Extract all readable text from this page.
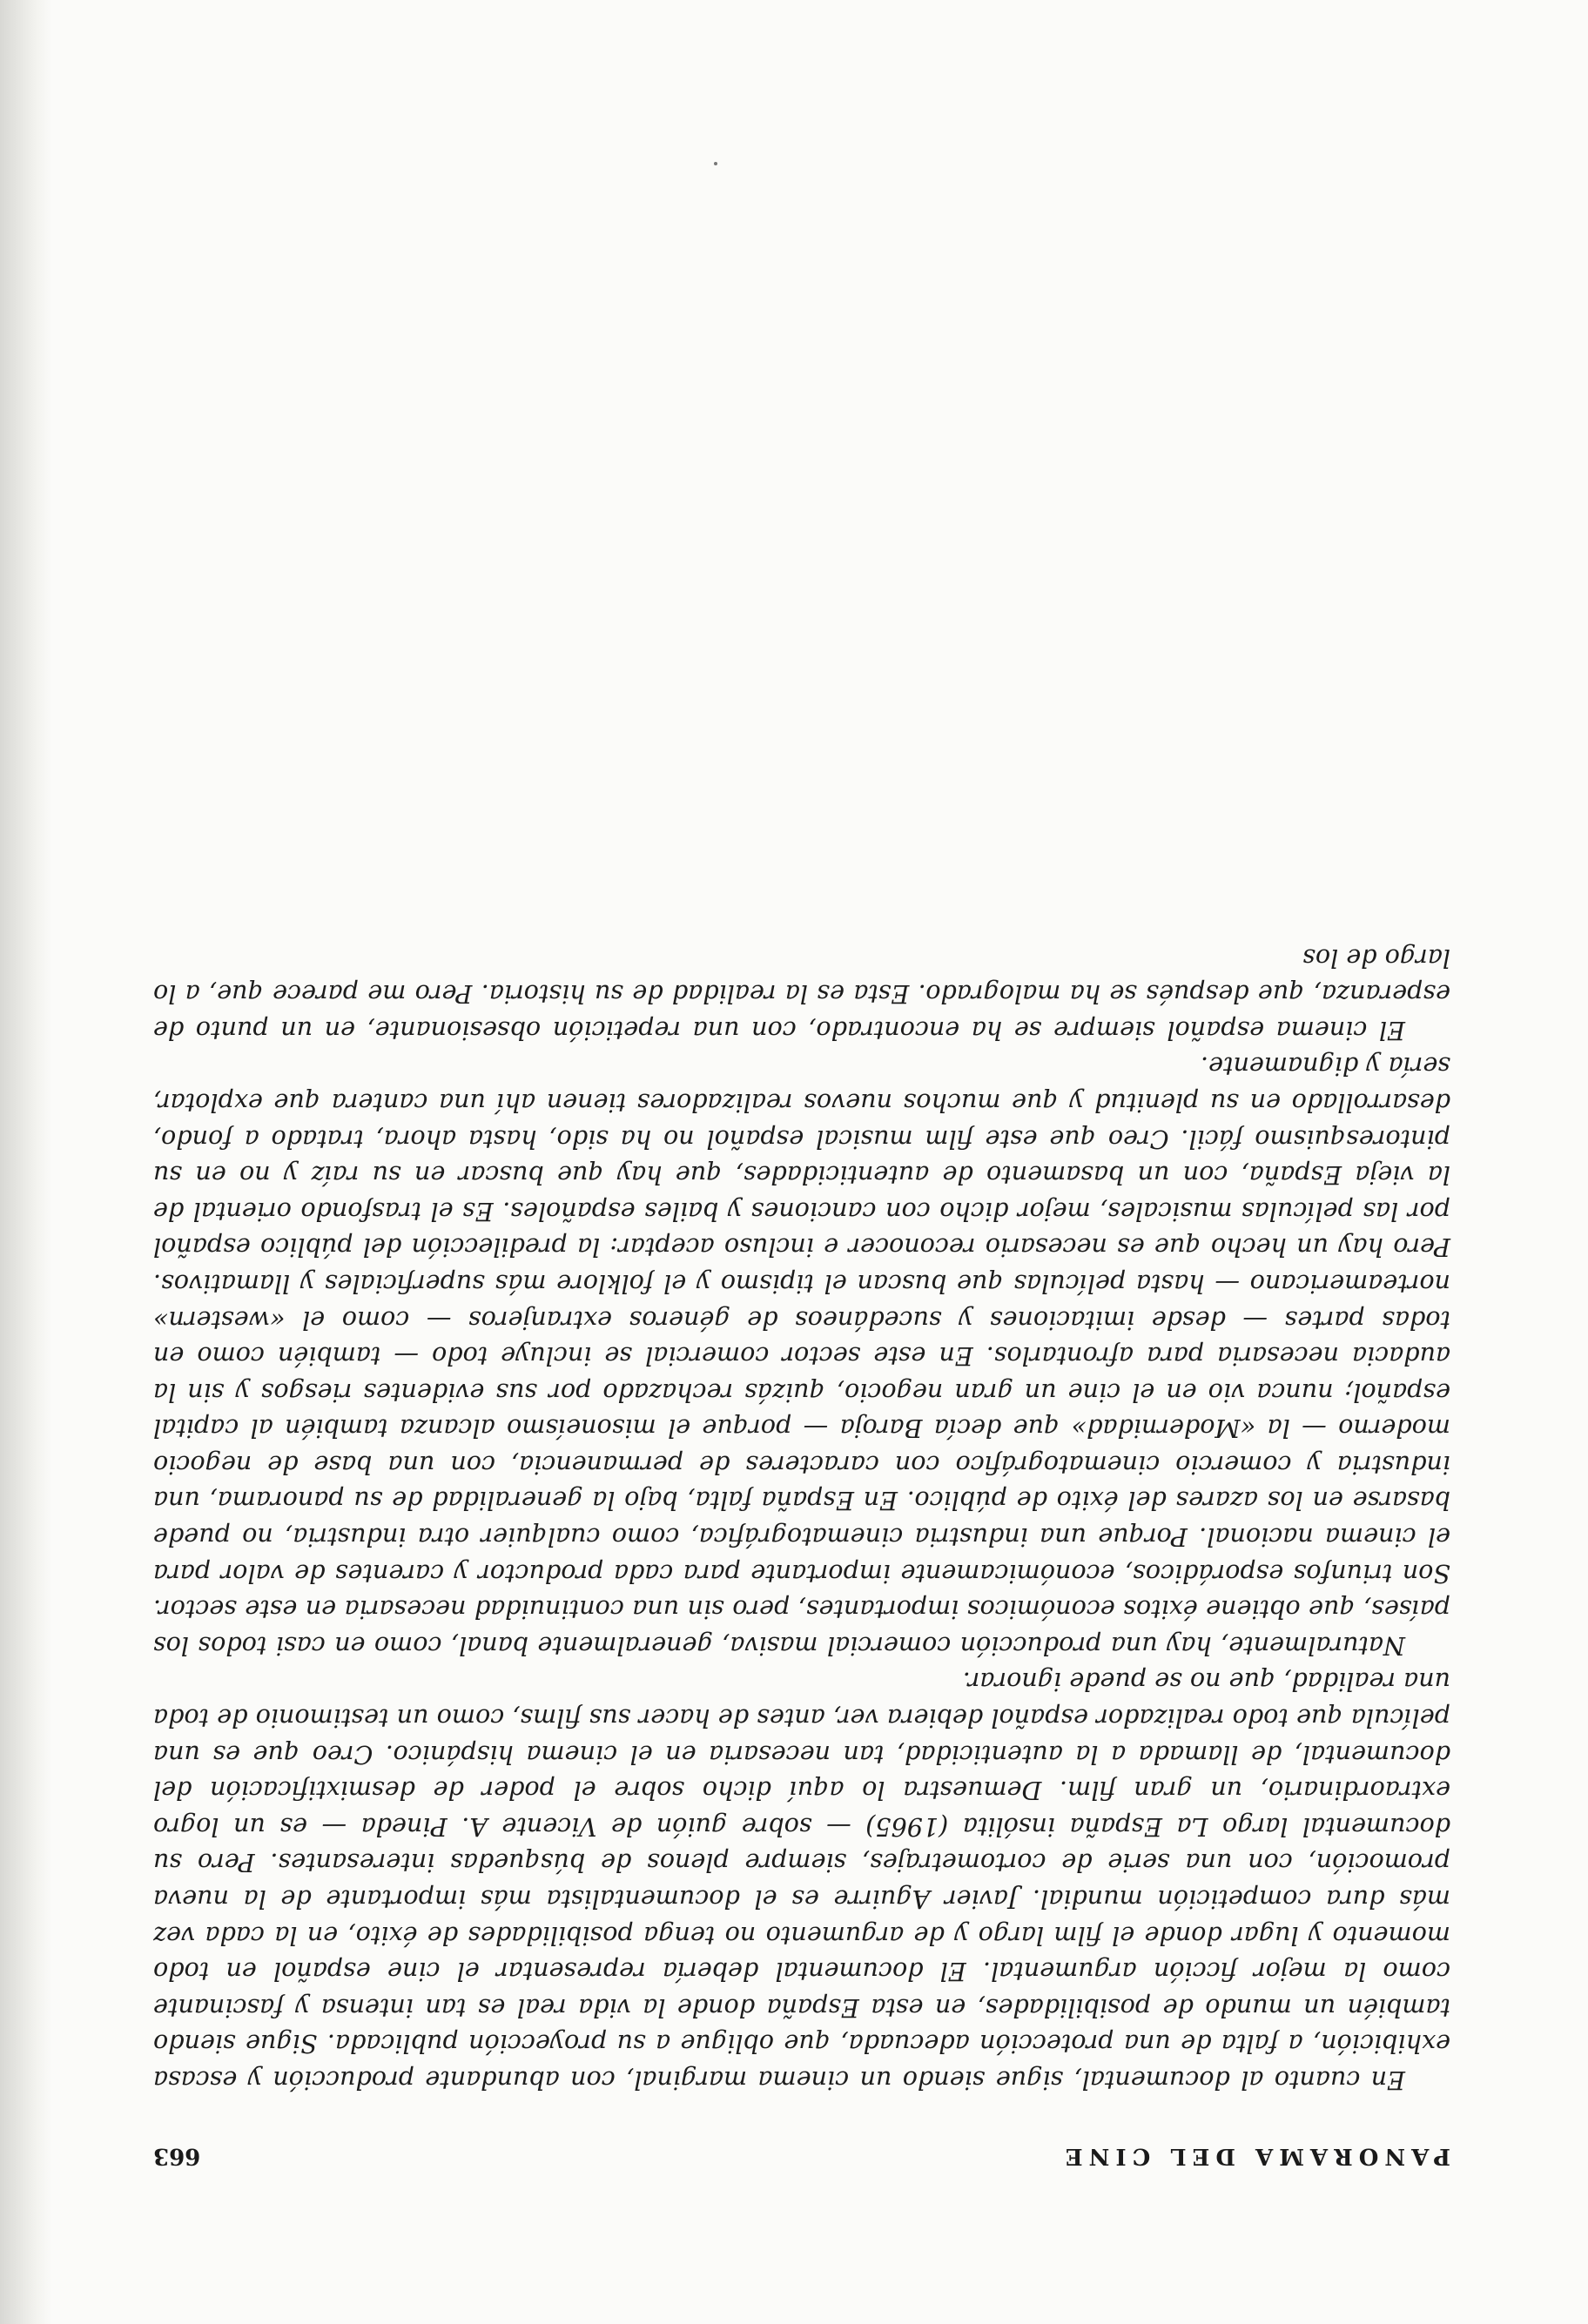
PANORAMA DEL CINE
663

En cuanto al documental, sigue siendo un cinema marginal, con abundante producción y escasa exhibición, a falta de una protección adecuada, que obligue a su proyección publicada. Sigue siendo también un mundo de posibilidades, en esta España donde la vida real es tan intensa y fascinante como la mejor ficción argumental. El documental debería representar el cine español en todo momento y lugar donde el film largo y de argumento no tenga posibilidades de éxito, en la cada vez más dura competición mundial. Javier Aguirre es el documentalista más importante de la nueva promoción, con una serie de cortometrajes, siempre plenos de búsquedas interesantes. Pero su documental largo La España insólita (1965) — sobre guión de Vicente A. Pineda — es un logro extraordinario, un gran film. Demuestra lo aquí dicho sobre el poder de desmixtificación del documental, de llamada a la autenticidad, tan necesaria en el cinema hispánico. Creo que es una película que todo realizador español debiera ver, antes de hacer sus films, como un testimonio de toda una realidad, que no se puede ignorar.

Naturalmente, hay una producción comercial masiva, generalmente banal, como en casi todos los países, que obtiene éxitos económicos importantes, pero sin una continuidad necesaria en este sector. Son triunfos esporádicos, económicamente importante para cada productor y carentes de valor para el cinema nacional. Porque una industria cinematográfica, como cualquier otra industria, no puede basarse en los azares del éxito de público. En España falta, bajo la generalidad de su panorama, una industria y comercio cinematográfico con caracteres de permanencia, con una base de negocio moderno — la «Modernidad» que decía Baroja — porque el misoneísmo alcanza también al capital español; nunca vio en el cine un gran negocio, quizás rechazado por sus evidentes riesgos y sin la audacia necesaria para afrontarlos. En este sector comercial se incluye todo — también como en todas partes — desde imitaciones y sucedáneos de géneros extranjeros — como el «western» norteamericano — hasta películas que buscan el tipismo y el folklore más superficiales y llamativos. Pero hay un hecho que es necesario reconocer e incluso aceptar: la predilección del público español por las películas musicales, mejor dicho con canciones y bailes españoles. Es el trasfondo oriental de la vieja España, con un basamento de autenticidades, que hay que buscar en su raíz y no en su pintoresquismo fácil. Creo que este film musical español no ha sido, hasta ahora, tratado a fondo, desarrollado en su plenitud y que muchos nuevos realizadores tienen ahí una cantera que explotar, sería y dignamente.

El cinema español siempre se ha encontrado, con una repetición obsesionante, en un punto de esperanza, que después se ha malogrado. Esta es la realidad de su historia. Pero me parece que, a lo largo de los
